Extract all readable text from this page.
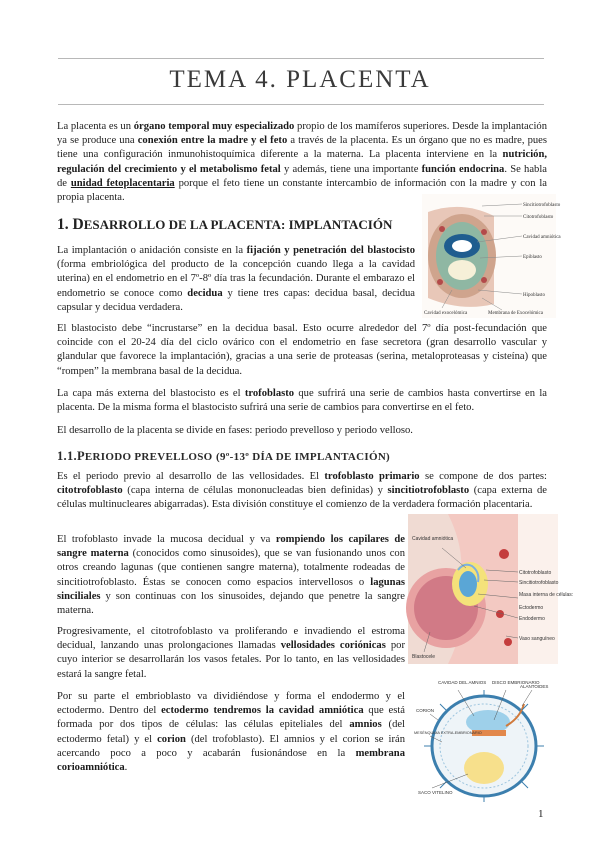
TEMA 4. PLACENTA

La placenta es un órgano temporal muy especializado propio de los mamíferos superiores. Desde la implantación ya se produce una conexión entre la madre y el feto a través de la placenta. Es un órgano que no es madre, pues tiene una configuración inmunohistoquímica diferente a la materna. La placenta interviene en la nutrición, regulación del crecimiento y el metabolismo fetal y además, tiene una importante función endocrina. Se habla de unidad fetoplacentaria porque el feto tiene un constante intercambio de información con la madre y con la propia placenta.

1. DESARROLLO DE LA PLACENTA: IMPLANTACIÓN

La implantación o anidación consiste en la fijación y penetración del blastocisto (forma embriológica del producto de la concepción cuando llega a la cavidad uterina) en el endometrio en el 7º-8º día tras la fecundación. Durante el embarazo el endometrio se conoce como decidua y tiene tres capas: decidua basal, decidua capsular y decidua verdadera.

Sincitiotrofoblasto
Citotrofoblasto
Cavidad amniótica
Epiblasto
Hipoblasto
Cavidad exocelómica	Membrana de Exocelómica

El blastocisto debe “incrustarse” en la decidua basal. Esto ocurre alrededor del 7º día post-fecundación que coincide con el 20-24 día del ciclo ovárico con el endometrio en fase secretora (gran desarrollo vascular y glandular que favorece la implantación), gracias a una serie de proteasas (serina, metaloproteasas y cisteína) que “rompen” la membrana basal de la decidua.

La capa más externa del blastocisto es el trofoblasto que sufrirá una serie de cambios hasta convertirse en la placenta. De la misma forma el blastocisto sufrirá una serie de cambios para convertirse en el feto.

El desarrollo de la placenta se divide en fases: periodo prevelloso y periodo velloso.

1.1.PERIODO PREVELLOSO (9º-13º DÍA DE IMPLANTACIÓN)

Es el periodo previo al desarrollo de las vellosidades. El trofoblasto primario se compone de dos partes: citotrofoblasto (capa interna de células mononucleadas bien definidas) y sincitiotrofoblasto (capa externa de células multinucleares abigarradas). Esta división constituye el comienzo de la verdadera formación placentaria.

El trofoblasto invade la mucosa decidual y va rompiendo los capilares de sangre materna (conocidos como sinusoides), que se van fusionando unos con otros creando lagunas (que contienen sangre materna), totalmente rodeadas de sincitiotrofoblasto. Éstas se conocen como espacios intervellosos o lagunas sinciliales y son continuas con los sinusoides, dejando que penetre la sangre materna.

Cavidad amniótica
Citotrofoblasto
Sincitiotrofoblasto
Masa interna de células:
Ectodermo
Endodermo
Vaso sanguíneo
Blastocele

Progresivamente, el citotrofoblasto va proliferando e invadiendo el estroma decidual, lanzando unas prolongaciones llamadas vellosidades coriónicas por cuyo interior se desarrollarán los vasos fetales. Por lo tanto, en las vellosidades estará la sangre fetal.

Por su parte el embrioblasto va dividiéndose y forma el endodermo y el ectodermo. Dentro del ectodermo tendremos la cavidad amniótica que está formada por dos tipos de células: las células epiteliales del amnios (del ectodermo fetal) y el corion (del trofoblasto). El amnios y el corion se irán acercando poco a poco y acabarán fusionándose en la membrana corioamniótica.

CAVIDAD DEL AMNIOS DISCO EMBRIONARIO
ALANTOIDES
CORION
MESÉNQUIMA EXTRA-EMBRIONARIO
SACO VITELINO
1
